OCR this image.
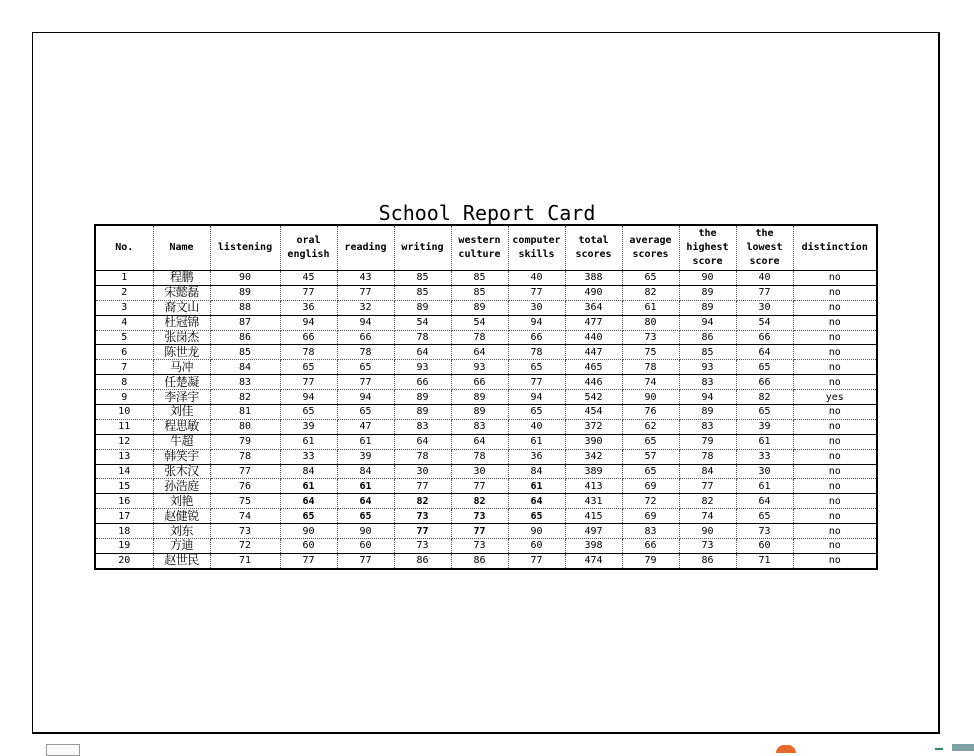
School Report Card
No.	Name	listening	oral
english	reading	writing	western
culture	computer
skills	total
scores	average
scores	the
highest
score	the
lowest
score	distinction
1	程鹏	90	45	43	85	85	40	388	65	90	40	no
2	宋懿磊	89	77	77	85	85	77	490	82	89	77	no
3	裔文山	88	36	32	89	89	30	364	61	89	30	no
4	杜冠锦	87	94	94	54	54	94	477	80	94	54	no
5	张岗杰	86	66	66	78	78	66	440	73	86	66	no
6	陈世龙	85	78	78	64	64	78	447	75	85	64	no
7	马冲	84	65	65	93	93	65	465	78	93	65	no
8	任楚凝	83	77	77	66	66	77	446	74	83	66	no
9	李泽宇	82	94	94	89	89	94	542	90	94	82	yes
10	刘佳	81	65	65	89	89	65	454	76	89	65	no
11	程思敏	80	39	47	83	83	40	372	62	83	39	no
12	牛超	79	61	61	64	64	61	390	65	79	61	no
13	韩笑宇	78	33	39	78	78	36	342	57	78	33	no
14	张木汉	77	84	84	30	30	84	389	65	84	30	no
15	孙浩庭	76	61	61	77	77	61	413	69	77	61	no
16	刘艳	75	64	64	82	82	64	431	72	82	64	no
17	赵健锐	74	65	65	73	73	65	415	69	74	65	no
18	刘东	73	90	90	77	77	90	497	83	90	73	no
19	方迪	72	60	60	73	73	60	398	66	73	60	no
20	赵世民	71	77	77	86	86	77	474	79	86	71	no
